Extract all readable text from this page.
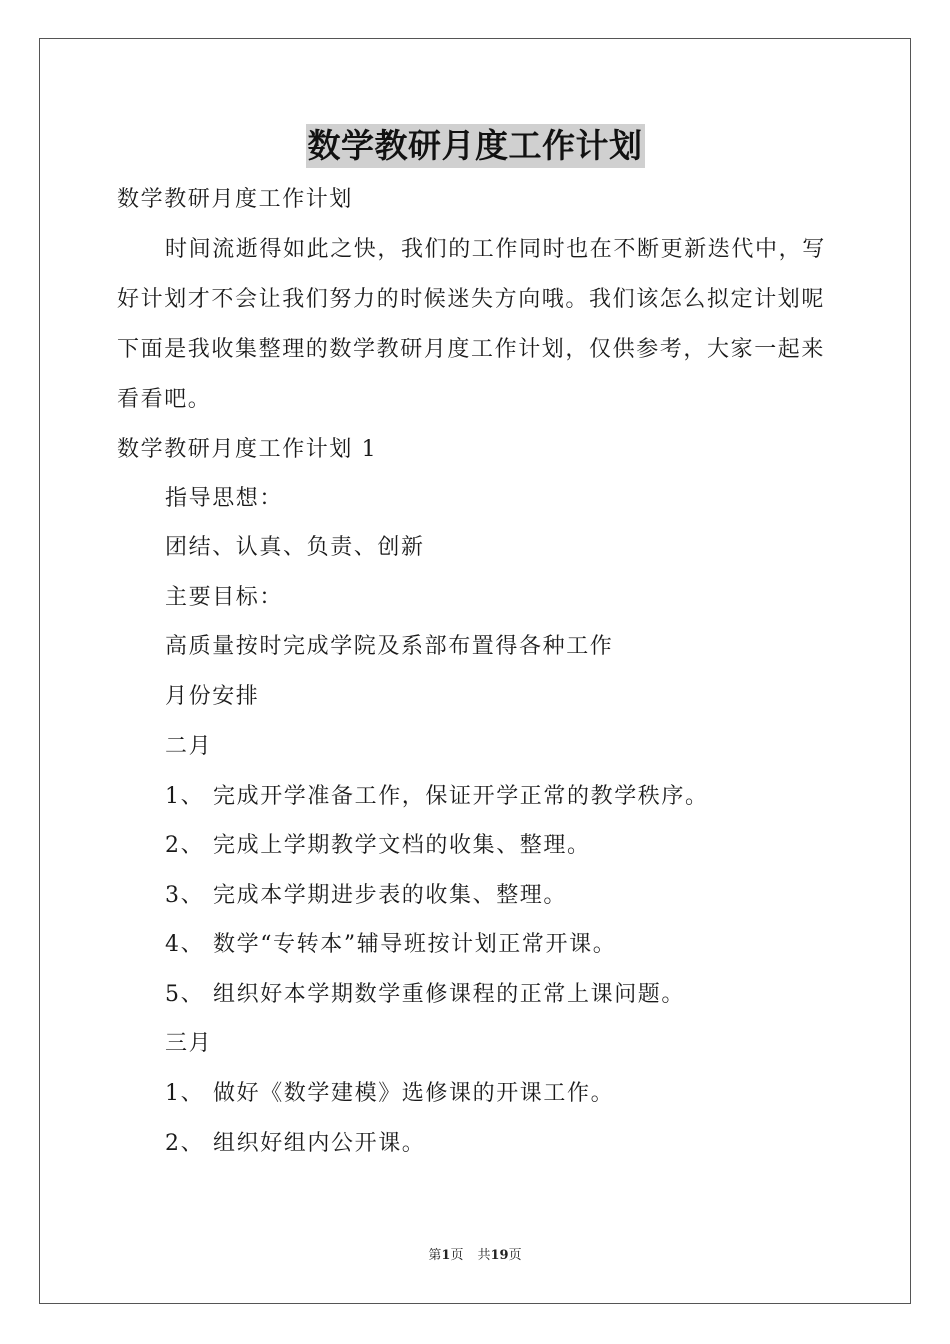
数学教研月度工作计划
数学教研月度工作计划
时间流逝得如此之快，我们的工作同时也在不断更新迭代中，写
好计划才不会让我们努力的时候迷失方向哦。我们该怎么拟定计划呢
下面是我收集整理的数学教研月度工作计划，仅供参考，大家一起来
看看吧。
数学教研月度工作计划 1
指导思想：
团结、认真、负责、创新
主要目标：
高质量按时完成学院及系部布置得各种工作
月份安排
二月
1、 完成开学准备工作，保证开学正常的教学秩序。
2、 完成上学期教学文档的收集、整理。
3、 完成本学期进步表的收集、整理。
4、 数学“专转本”辅导班按计划正常开课。
5、 组织好本学期数学重修课程的正常上课问题。
三月
1、 做好《数学建模》选修课的开课工作。
2、 组织好组内公开课。
第1页 共19页
